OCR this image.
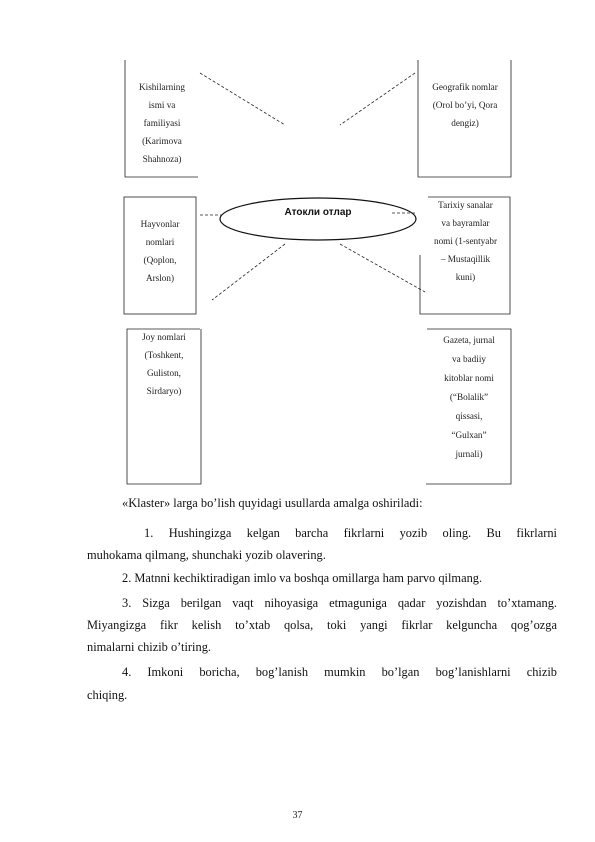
Атокли отлар
Kishilarning
ismi va
familiyasi
(Karimova
Shahnoza)
Geografik nomlar
(Orol bo’yi, Qora
dengiz)
Hayvonlar
nomlari
(Qoplon,
Arslon)
Tarixiy sanalar
va bayramlar
nomi (1-sentyabr
– Mustaqillik
kuni)
Joy nomlari
(Toshkent,
Guliston,
Sirdaryo)
Gazeta, jurnal
va badiiy
kitoblar nomi
(“Bolalik”
qissasi,
“Gulxan”
jurnali)

«Klaster» larga bo’lish quyidagi usullarda amalga oshiriladi:

1. Hushingizga kelgan barcha fikrlarni yozib oling. Bu fikrlarni

muhokama qilmang, shunchaki yozib olavering.

2. Matnni kechiktiradigan imlo va boshqa omillarga ham parvo qilmang.

3. Sizga berilgan vaqt nihoyasiga etmaguniga qadar yozishdan to’xtamang.

Miyangizga fikr kelish to’xtab qolsa, toki yangi fikrlar kelguncha qog’ozga

nimalarni chizib o’tiring.

4. Imkoni boricha, bog’lanish mumkin bo’lgan bog’lanishlarni chizib

chiqing.

37
